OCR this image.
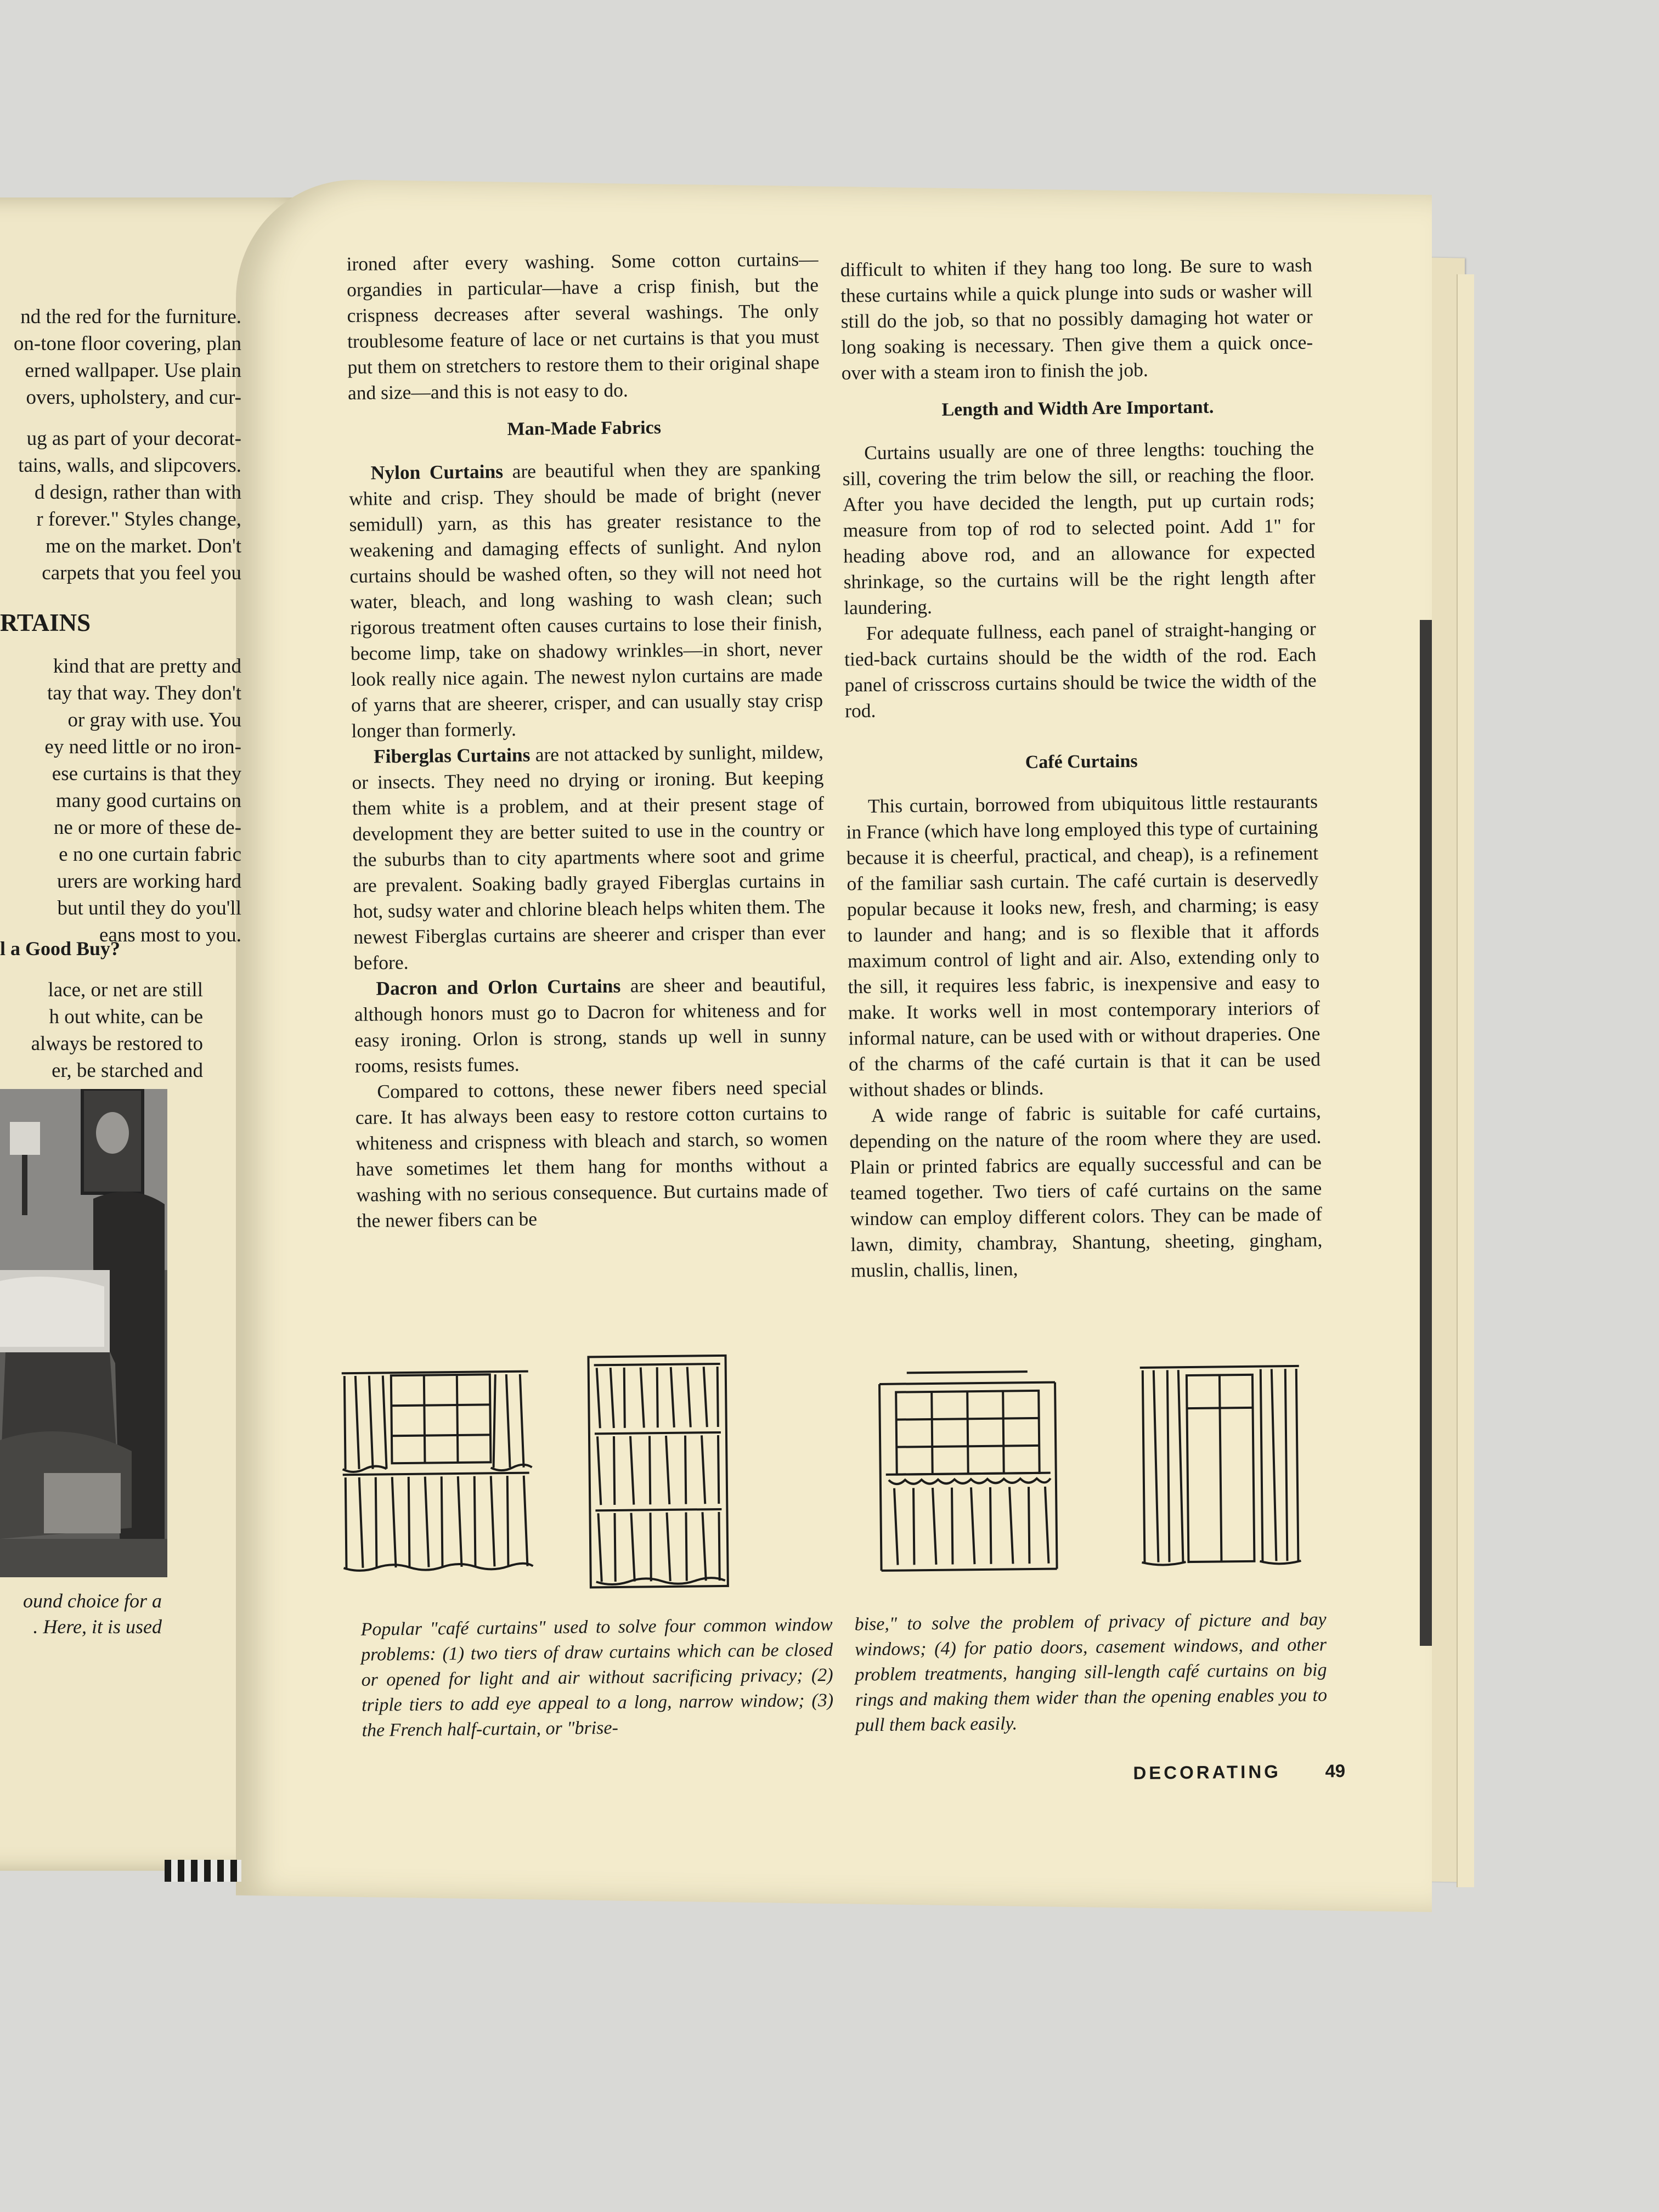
nd the red for the furniture.
on-tone floor covering, plan
erned wallpaper. Use plain
overs, upholstery, and cur-
ug as part of your decorat-
tains, walls, and slipcovers.
d design, rather than with
r forever." Styles change,
me on the market. Don't
carpets that you feel you
RTAINS
kind that are pretty and
tay that way. They don't
or gray with use. You
ey need little or no iron-
ese curtains is that they
many good curtains on
ne or more of these de-
e no one curtain fabric
urers are working hard
but until they do you'll
eans most to you.
l a Good Buy?
lace, or net are still
h out white, can be
always be restored to
er, be starched and
ound choice for a
. Here, it is used

ironed after every washing. Some cotton curtains—organdies in particular—have a crisp finish, but the crispness decreases after several washings. The only troublesome feature of lace or net curtains is that you must put them on stretchers to restore them to their original shape and size—and this is not easy to do.

Man-Made Fabrics

Nylon Curtains are beautiful when they are spanking white and crisp. They should be made of bright (never semidull) yarn, as this has greater resistance to the weakening and damaging effects of sunlight. And nylon curtains should be washed often, so they will not need hot water, bleach, and long washing to wash clean; such rigorous treatment often causes curtains to lose their finish, become limp, take on shadowy wrinkles—in short, never look really nice again. The newest nylon curtains are made of yarns that are sheerer, crisper, and can usually stay crisp longer than formerly.

Fiberglas Curtains are not attacked by sunlight, mildew, or insects. They need no drying or ironing. But keeping them white is a problem, and at their present stage of development they are better suited to use in the country or the suburbs than to city apartments where soot and grime are prevalent. Soaking badly grayed Fiberglas curtains in hot, sudsy water and chlorine bleach helps whiten them. The newest Fiberglas curtains are sheerer and crisper than ever before.

Dacron and Orlon Curtains are sheer and beautiful, although honors must go to Dacron for whiteness and for easy ironing. Orlon is strong, stands up well in sunny rooms, resists fumes.

Compared to cottons, these newer fibers need special care. It has always been easy to restore cotton curtains to whiteness and crispness with bleach and starch, so women have sometimes let them hang for months without a washing with no serious consequence. But curtains made of the newer fibers can be

difficult to whiten if they hang too long. Be sure to wash these curtains while a quick plunge into suds or washer will still do the job, so that no possibly damaging hot water or long soaking is necessary. Then give them a quick once-over with a steam iron to finish the job.

Length and Width Are Important.

Curtains usually are one of three lengths: touching the sill, covering the trim below the sill, or reaching the floor. After you have decided the length, put up curtain rods; measure from top of rod to selected point. Add 1" for heading above rod, and an allowance for expected shrinkage, so the curtains will be the right length after laundering.

For adequate fullness, each panel of straight-hanging or tied-back curtains should be the width of the rod. Each panel of crisscross curtains should be twice the width of the rod.

Café Curtains

This curtain, borrowed from ubiquitous little restaurants in France (which have long employed this type of curtaining because it is cheerful, practical, and cheap), is a refinement of the familiar sash curtain. The café curtain is deservedly popular because it looks new, fresh, and charming; is easy to launder and hang; and is so flexible that it affords maximum control of light and air. Also, extending only to the sill, it requires less fabric, is inexpensive and easy to make. It works well in most contemporary interiors of informal nature, can be used with or without draperies. One of the charms of the café curtain is that it can be used without shades or blinds.

A wide range of fabric is suitable for café curtains, depending on the nature of the room where they are used. Plain or printed fabrics are equally successful and can be teamed together. Two tiers of café curtains on the same window can employ different colors. They can be made of lawn, dimity, chambray, Shantung, sheeting, gingham, muslin, challis, linen,

Popular "café curtains" used to solve four common window problems: (1) two tiers of draw curtains which can be closed or opened for light and air without sacrificing privacy; (2) triple tiers to add eye appeal to a long, narrow window; (3) the French half-curtain, or "brise-
bise," to solve the problem of privacy of picture and bay windows; (4) for patio doors, casement windows, and other problem treatments, hanging sill-length café curtains on big rings and making them wider than the opening enables you to pull them back easily.
DECORATING 49
